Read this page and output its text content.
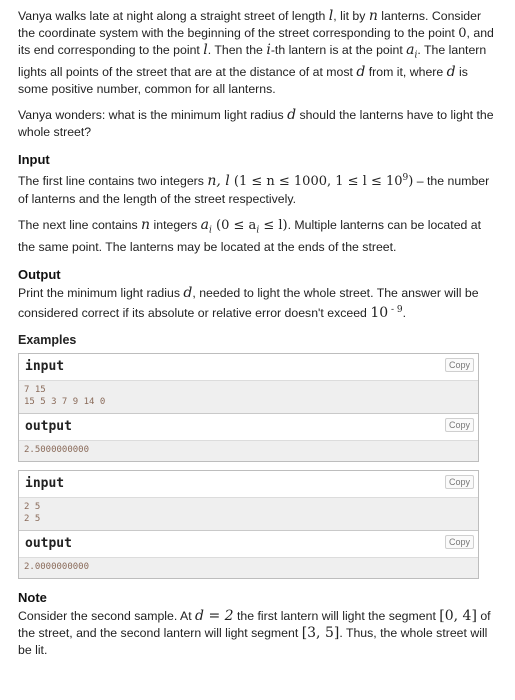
Vanya walks late at night along a straight street of length l, lit by n lanterns. Consider the coordinate system with the beginning of the street corresponding to the point 0, and its end corresponding to the point l. Then the i-th lantern is at the point $a_i$. The lantern lights all points of the street that are at the distance of at most d from it, where d is some positive number, common for all lanterns.

Vanya wonders: what is the minimum light radius d should the lanterns have to light the whole street?

Input

The first line contains two integers n, l (1 ≤ n ≤ 1000, $1 \le l \le 10^9$) – the number of lanterns and the length of the street respectively.

The next line contains n integers $a_i$ $(0 \le a_i \le l)$. Multiple lanterns can be located at the same point. The lanterns may be located at the ends of the street.

Output

Print the minimum light radius d, needed to light the whole street. The answer will be considered correct if its absolute or relative error doesn't exceed 10 $^{- 9}$.

Examples
input	Copy
7 15
15 5 3 7 9 14 0
output	Copy
2.5000000000
input	Copy
2 5
2 5
output	Copy
2.0000000000
Note

Consider the second sample. At d = 2 the first lantern will light the segment [0, 4] of the street, and the second lantern will light segment [3, 5]. Thus, the whole street will be lit.
